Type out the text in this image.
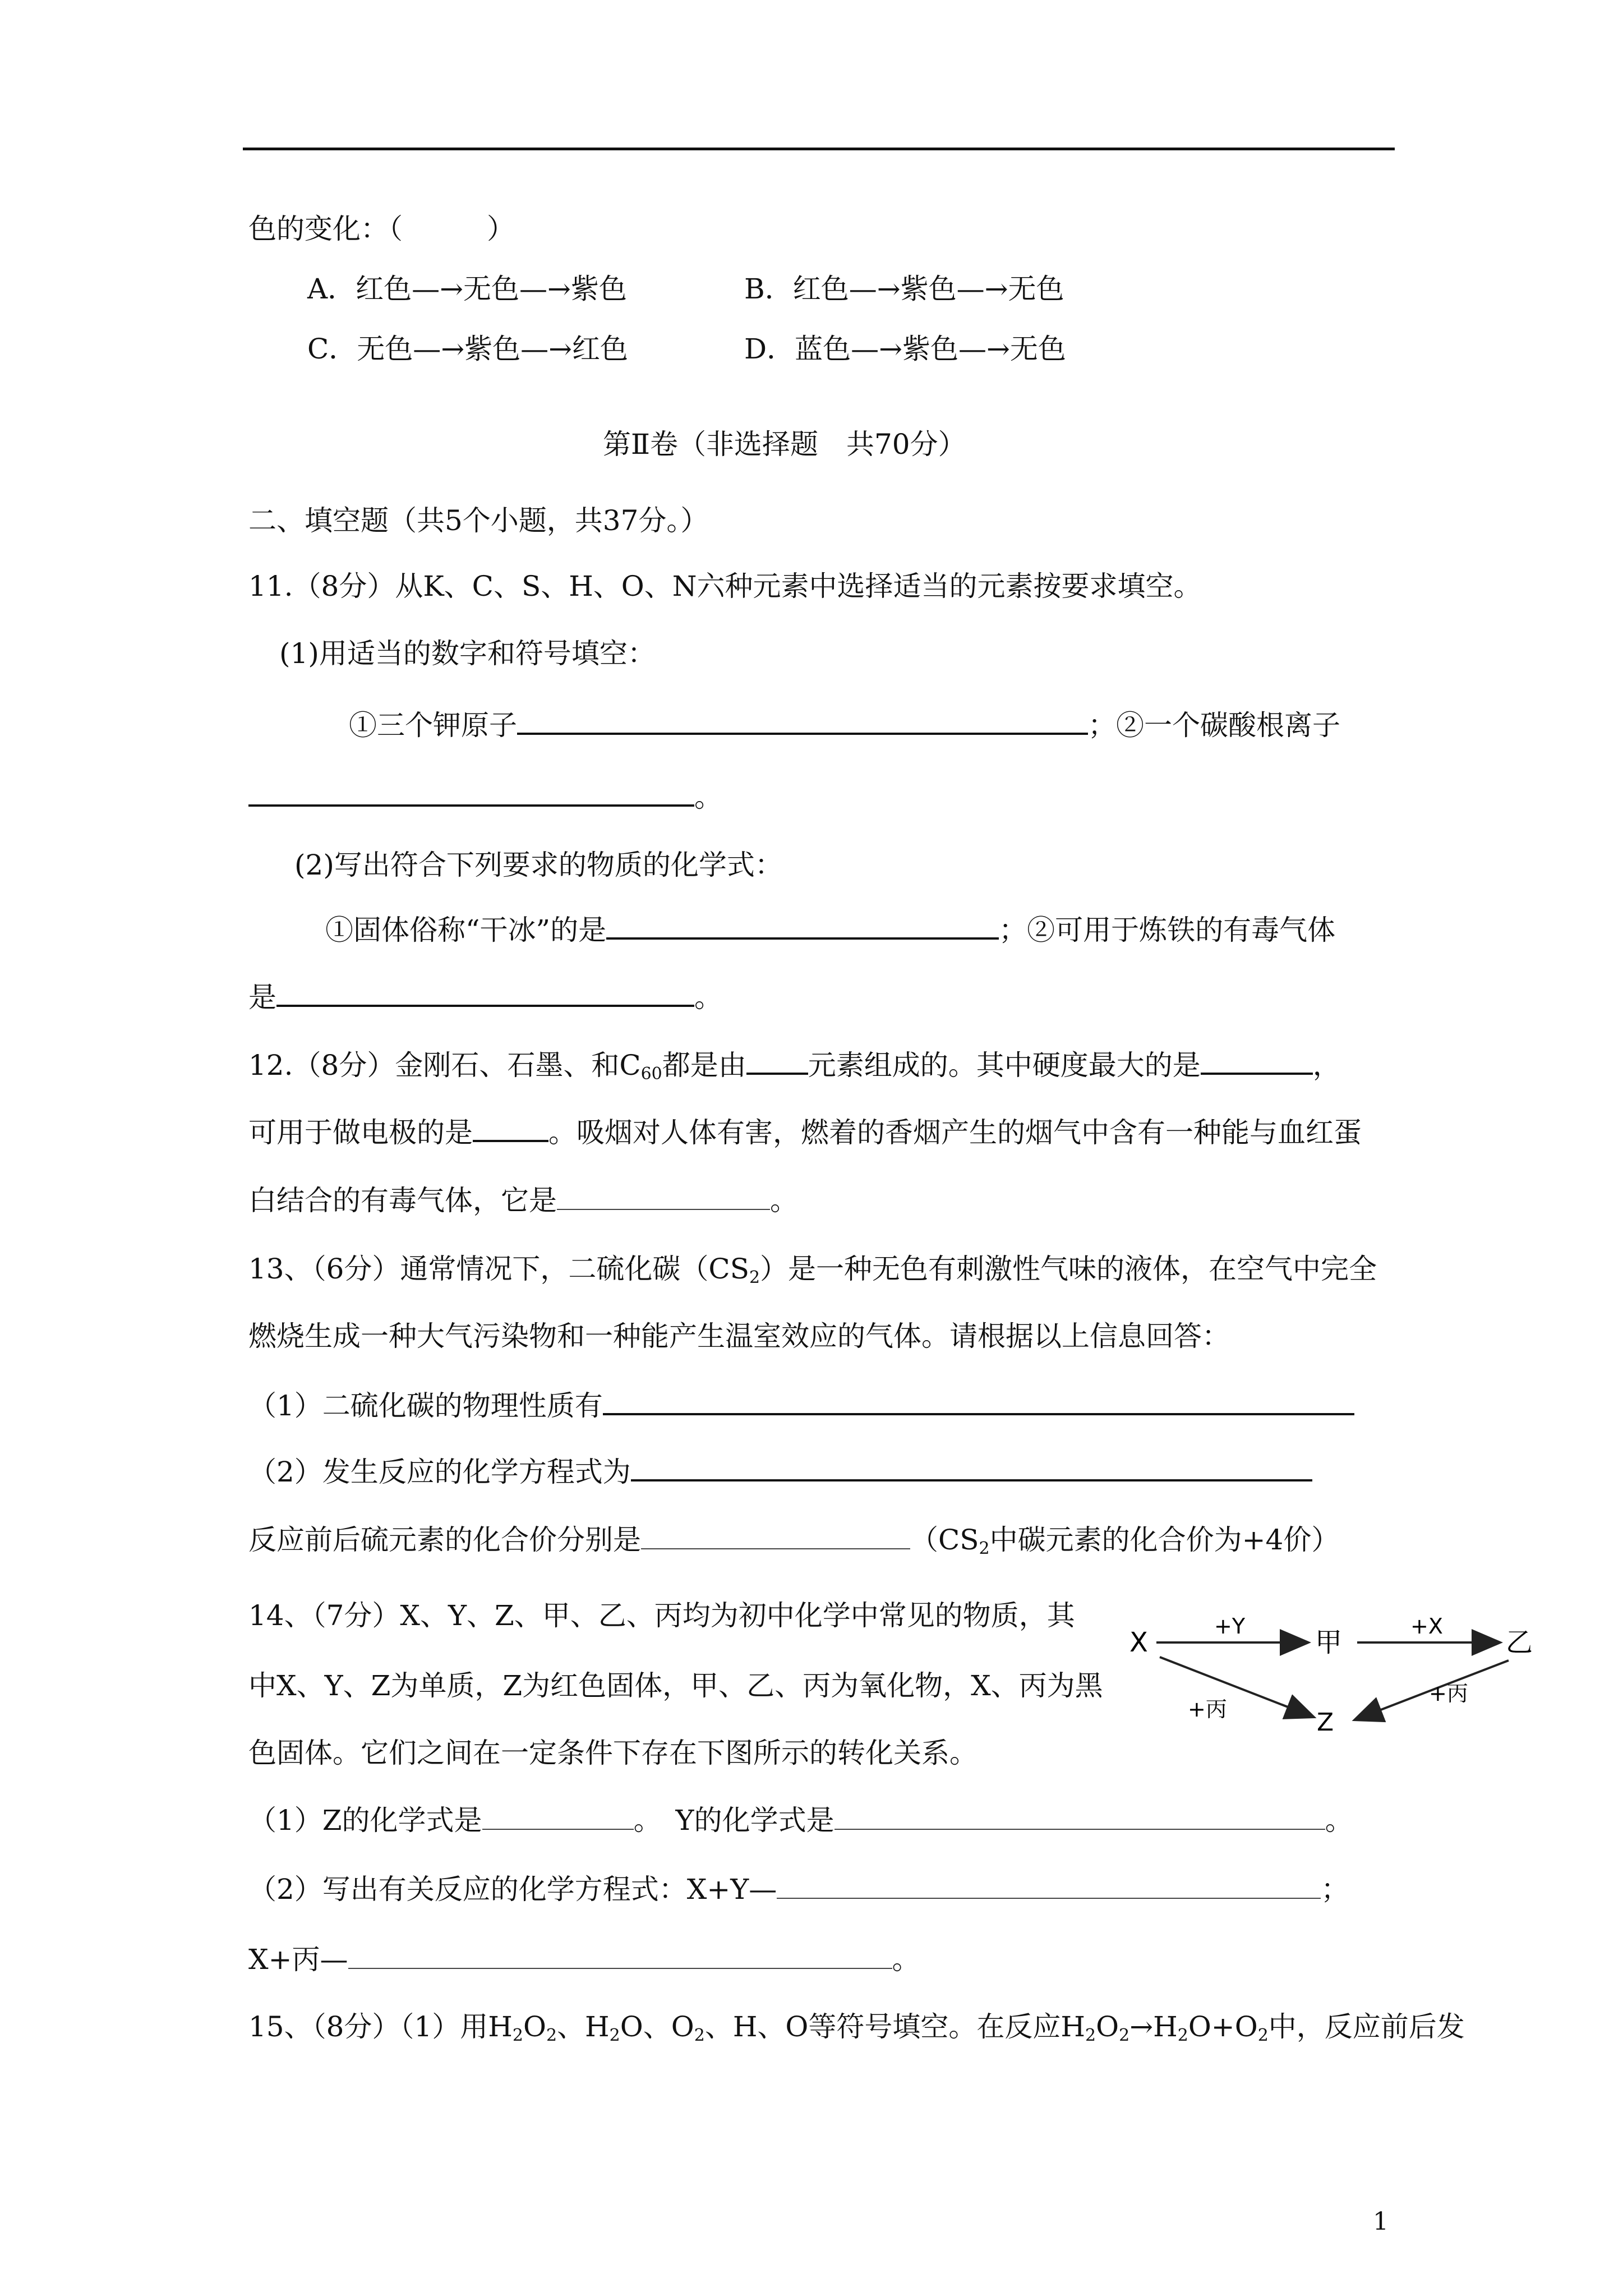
色的变化：（　　　）
A．红色—→无色—→紫色	B．红色—→紫色—→无色
C．无色—→紫色—→红色	D．蓝色—→紫色—→无色
第Ⅱ卷（非选择题　共70分）
二、填空题（共5个小题，共37分。）
11.（8分）从K、C、S、H、O、N六种元素中选择适当的元素按要求填空。
(1)用适当的数字和符号填空：
①三个钾原子	；②一个碳酸根离子
。
(2)写出符合下列要求的物质的化学式：
①固体俗称“干冰”的是	；②可用于炼铁的有毒气体
是	。
12.（8分）金刚石、石墨、和$C_{60}$都是由 元素组成的。其中硬度最大的是	，
可用于做电极的是	。吸烟对人体有害，燃着的香烟产生的烟气中含有一种能与血红蛋
白结合的有毒气体，它是	。
13、（6分）通常情况下，二硫化碳$(CS_2)$是一种无色有刺激性气味的液体，在空气中完全
燃烧生成一种大气污染物和一种能产生温室效应的气体。请根据以上信息回答：
（1）二硫化碳的物理性质有
（2）发生反应的化学方程式为
反应前后硫元素的化合价分别是	（$CS_2$中碳元素的化合价为+4价）
14、（7分）X、Y、Z、甲、乙、丙均为初中化学中常见的物质，其
中X、Y、Z为单质，Z为红色固体，甲、乙、丙为氧化物，X、丙为黑
色固体。它们之间在一定条件下存在下图所示的转化关系。
X	甲	乙
Z
+Y	+X
+丙
+丙
（1）Z的化学式是	。　Y的化学式是	。
（2）写出有关反应的化学方程式：X+Y—	；
X+丙—	。
15、（8分）（1）用$H_2O_2$、$H_2O$、$O_2$、H、O等符号填空。在反应$H_2O_2\to H_2O+O_2$中，反应前后发
1
